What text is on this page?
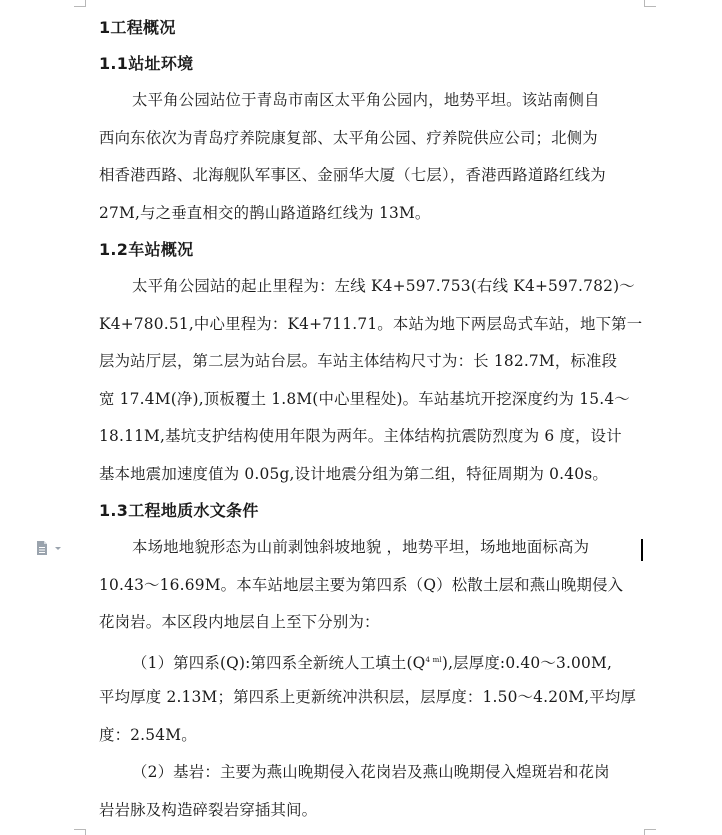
1工程概况
1.1站址环境
太平角公园站位于青岛市南区太平角公园内，地势平坦。该站南侧自
西向东依次为青岛疗养院康复部、太平角公园、疗养院供应公司；北侧为
相香港西路、北海舰队军事区、金丽华大厦（七层），香港西路道路红线为
27M,与之垂直相交的鹊山路道路红线为 13M。
1.2车站概况
太平角公园站的起止里程为：左线 K4+597.753(右线 K4+597.782)～
K4+780.51,中心里程为：K4+711.71。本站为地下两层岛式车站，地下第一
层为站厅层，第二层为站台层。车站主体结构尺寸为：长 182.7M，标准段
宽 17.4M(净),顶板覆土 1.8M(中心里程处)。车站基坑开挖深度约为 15.4～
18.11M,基坑支护结构使用年限为两年。主体结构抗震防烈度为 6 度，设计
基本地震加速度值为 0.05g,设计地震分组为第二组，特征周期为 0.40s。
1.3工程地质水文条件
本场地地貌形态为山前剥蚀斜坡地貌 ，地势平坦，场地地面标高为
10.43～16.69M。本车站地层主要为第四系（Q）松散土层和燕山晚期侵入
花岗岩。本区段内地层自上至下分别为：
（1）第四系(Q):第四系全新统人工填土$(Q^{4 ml})$,层厚度:0.40～3.00M,
平均厚度 2.13M；第四系上更新统冲洪积层，层厚度：1.50～4.20M,平均厚
度：2.54M。
（2）基岩：主要为燕山晚期侵入花岗岩及燕山晚期侵入煌斑岩和花岗
岩岩脉及构造碎裂岩穿插其间。
